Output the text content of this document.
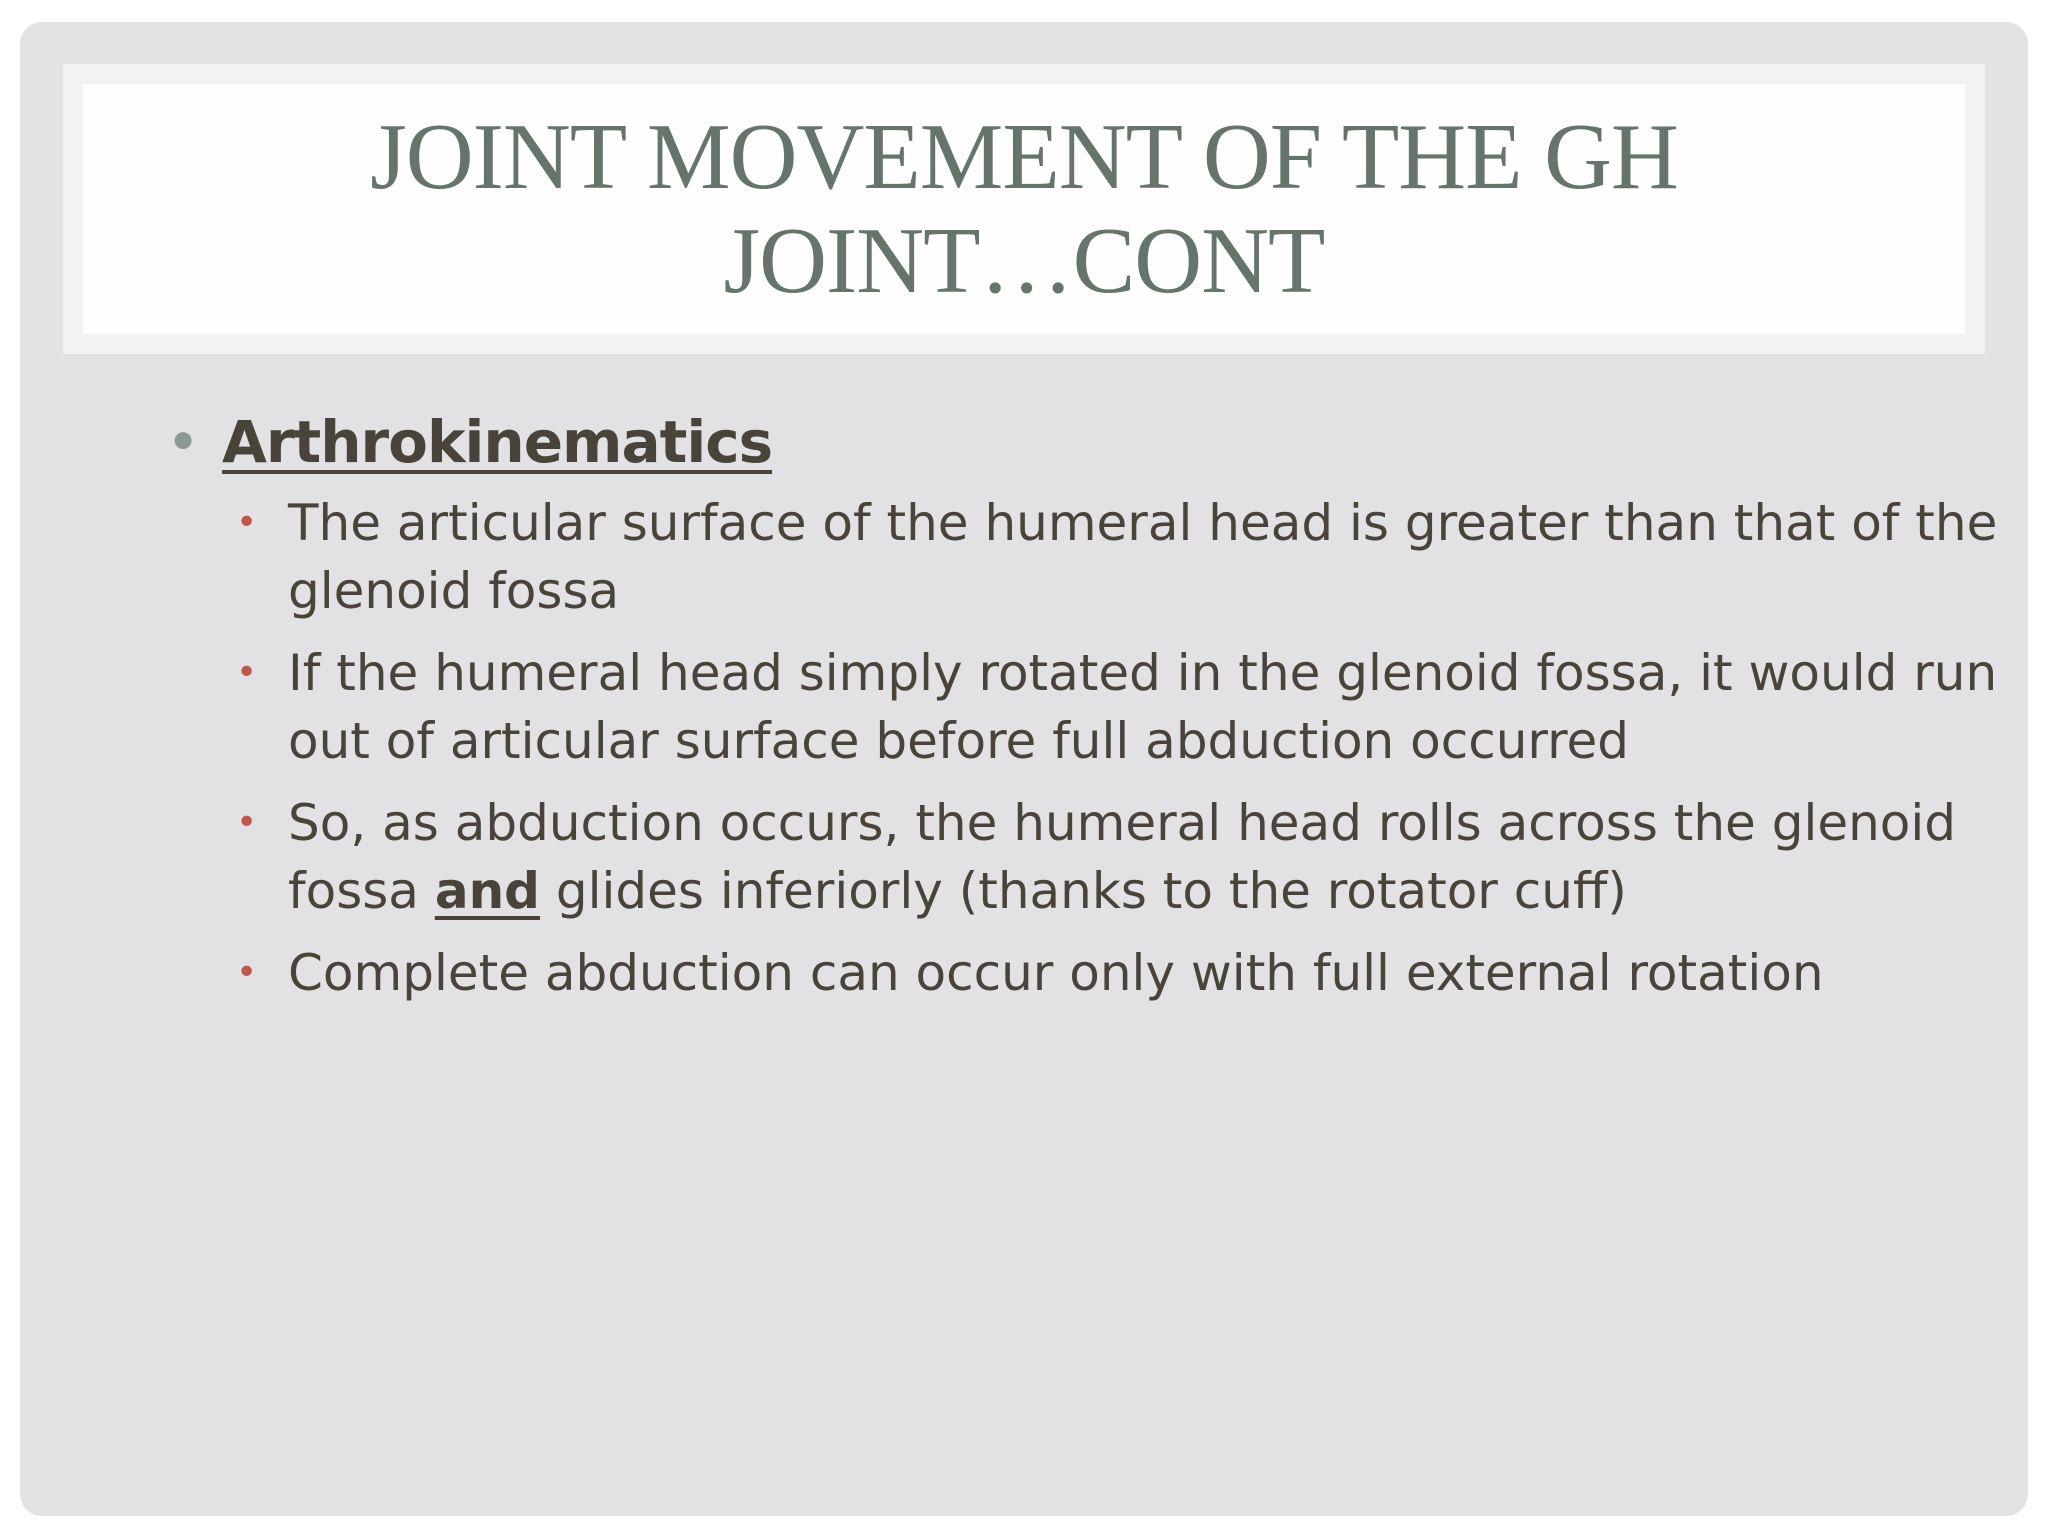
JOINT MOVEMENT OF THE GH JOINT…CONT
• Arthrokinematics
• The articular surface of the humeral head is greater than that of the glenoid fossa
• If the humeral head simply rotated in the glenoid fossa, it would run out of articular surface before full abduction occurred
• So, as abduction occurs, the humeral head rolls across the glenoid fossa and glides inferiorly (thanks to the rotator cuff)
• Complete abduction can occur only with full external rotation
